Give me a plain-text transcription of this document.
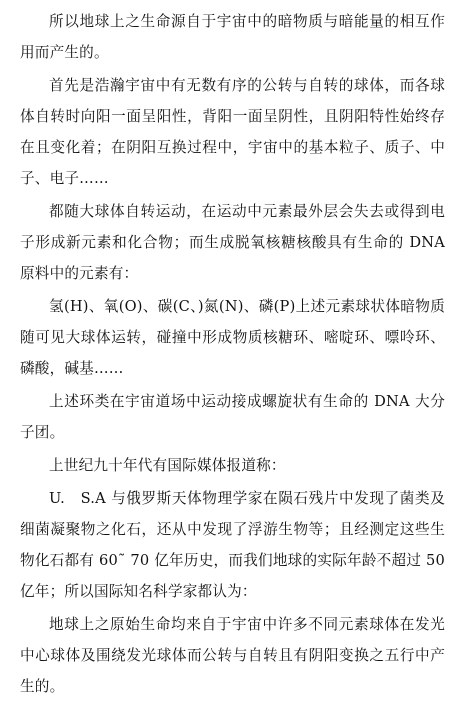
所以地球上之生命源自于宇宙中的暗物质与暗能量的相互作用而产生的。

首先是浩瀚宇宙中有无数有序的公转与自转的球体，而各球体自转时向阳一面呈阳性，背阳一面呈阴性，且阴阳特性始终存在且变化着；在阴阳互换过程中，宇宙中的基本粒子、质子、中子、电子……

都随大球体自转运动，在运动中元素最外层会失去或得到电子形成新元素和化合物；而生成脱氧核糖核酸具有生命的 DNA 原料中的元素有：

氢(H)、氧(O)、碳(C、)氮(N)、磷(P)上述元素球状体暗物质随可见大球体运转，碰撞中形成物质核糖环、嘧啶环、嘌呤环、磷酸，碱基……

上述环类在宇宙道场中运动接成螺旋状有生命的 DNA 大分子团。

上世纪九十年代有国际媒体报道称：

U.　S.A 与俄罗斯天体物理学家在陨石残片中发现了菌类及细菌凝聚物之化石，还从中发现了浮游生物等；且经测定这些生物化石都有 60˜ 70 亿年历史，而我们地球的实际年龄不超过 50 亿年；所以国际知名科学家都认为：

地球上之原始生命均来自于宇宙中许多不同元素球体在发光中心球体及围绕发光球体而公转与自转且有阴阳变换之五行中产生的。
